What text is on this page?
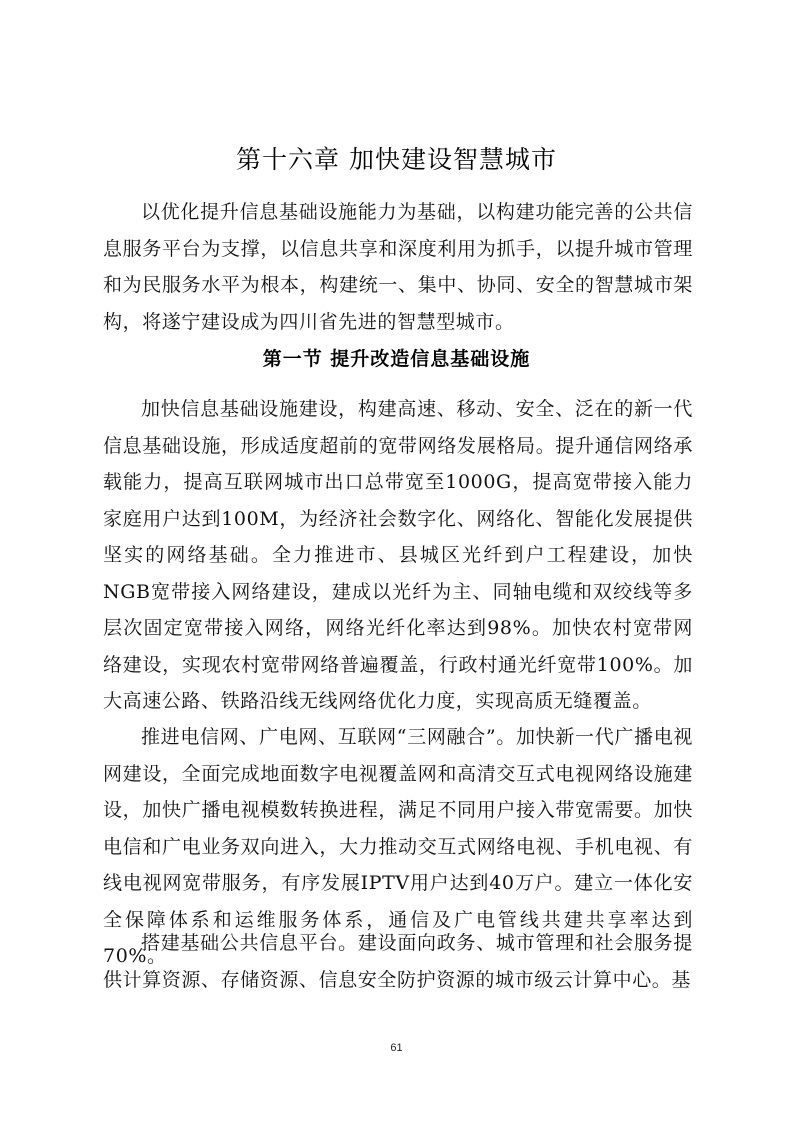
第十六章 加快建设智慧城市

以优化提升信息基础设施能力为基础，以构建功能完善的公共信息服务平台为支撑，以信息共享和深度利用为抓手，以提升城市管理和为民服务水平为根本，构建统一、集中、协同、安全的智慧城市架构，将遂宁建设成为四川省先进的智慧型城市。

第一节 提升改造信息基础设施

加快信息基础设施建设，构建高速、移动、安全、泛在的新一代信息基础设施，形成适度超前的宽带网络发展格局。提升通信网络承载能力，提高互联网城市出口总带宽至1000G，提高宽带接入能力家庭用户达到100M，为经济社会数字化、网络化、智能化发展提供坚实的网络基础。全力推进市、县城区光纤到户工程建设，加快NGB宽带接入网络建设，建成以光纤为主、同轴电缆和双绞线等多层次固定宽带接入网络，网络光纤化率达到98%。加快农村宽带网络建设，实现农村宽带网络普遍覆盖，行政村通光纤宽带100%。加大高速公路、铁路沿线无线网络优化力度，实现高质无缝覆盖。

推进电信网、广电网、互联网“三网融合”。加快新一代广播电视网建设，全面完成地面数字电视覆盖网和高清交互式电视网络设施建设，加快广播电视模数转换进程，满足不同用户接入带宽需要。加快电信和广电业务双向进入，大力推动交互式网络电视、手机电视、有线电视网宽带服务，有序发展IPTV用户达到40万户。建立一体化安全保障体系和运维服务体系，通信及广电管线共建共享率达到70%。

搭建基础公共信息平台。建设面向政务、城市管理和社会服务提供计算资源、存储资源、信息安全防护资源的城市级云计算中心。基

61
